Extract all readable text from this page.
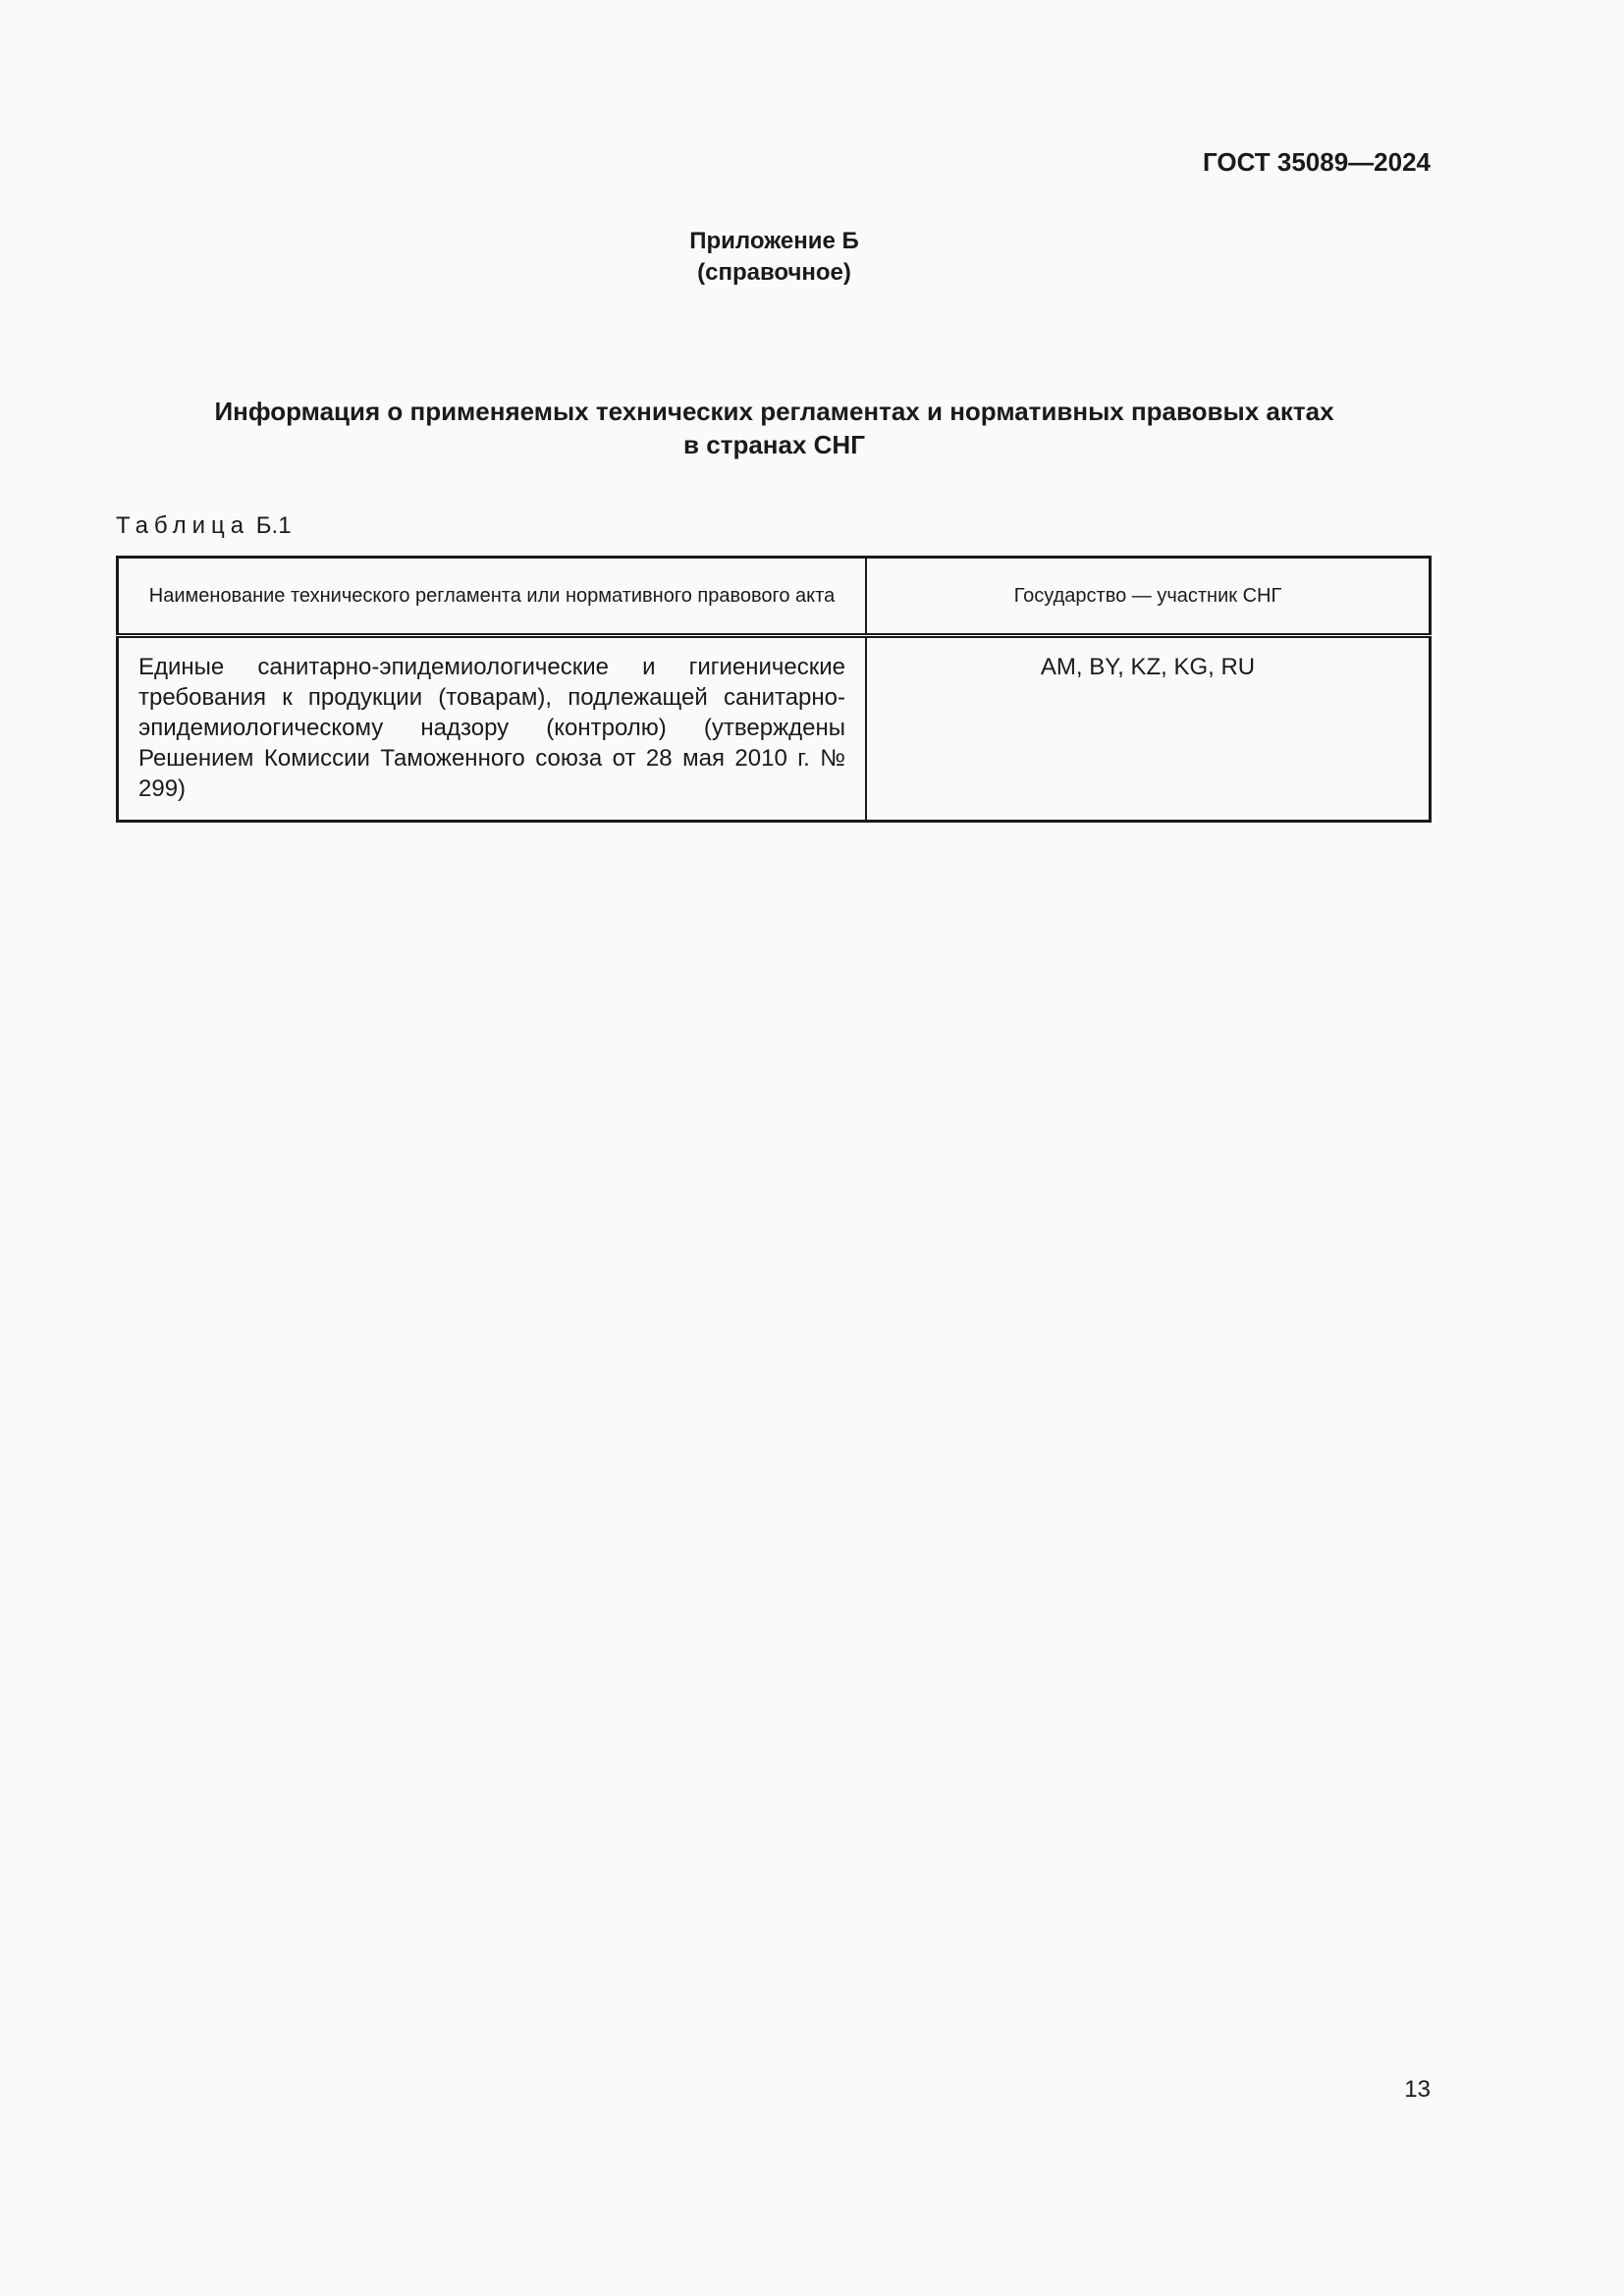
ГОСТ 35089—2024
Приложение Б
(справочное)
Информация о применяемых технических регламентах и нормативных правовых актах
в странах СНГ
Таблица Б.1
Наименование технического регламента или нормативного правового акта	Государство — участник СНГ
Единые санитарно-эпидемиологические и гигиенические требования к продукции (товарам), подлежащей санитарно-эпидемиологическому надзору (контролю) (утверждены Решением Комиссии Таможенного союза от 28 мая 2010 г. № 299)	AM, BY, KZ, KG, RU
13
